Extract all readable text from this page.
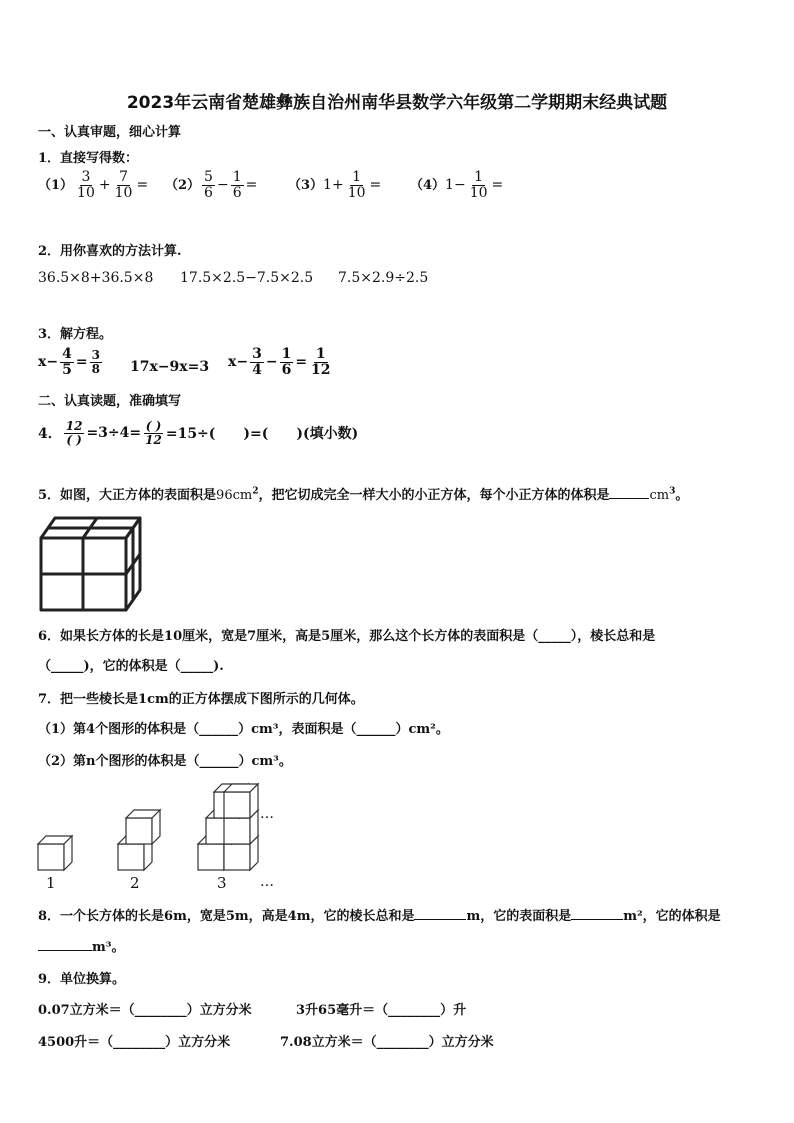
2023年云南省楚雄彝族自治州南华县数学六年级第二学期期末经典试题
一、认真审题，细心计算
1．直接写得数：
$(1) \frac{3}{10} + \frac{7}{10} = (2) \frac{5}{6} - \frac{1}{6} = (3)1+ \frac{1}{10} = (4)1- \frac{1}{10}$ =
2．用你喜欢的方法计算.
36.5×8+36.5×8 17.5×2.5−7.5×2.5 7.5×2.9÷2.5
3．解方程。
$x- \frac{4}{5} = \frac{3}{8} 17x-9x=3$ $x- \frac{3}{4} - \frac{1}{6} = \frac{1}{12}$
二、认真读题，准确填写
4． $\frac{12}{( )} =3\div 4= \frac{( )}{12} =15\div$(　　)=(　　)(填小数)
5．如图，大正方体的表面积是$96cm^2$，把它切成完全一样大小的小正方体，每个小正方体的体积是	$cm^3$。
6．如果长方体的长是10厘米，宽是7厘米，高是5厘米，那么这个长方体的表面积是（_____），棱长总和是
（_____)，它的体积是（_____).
7．把一些棱长是1cm的正方体摆成下图所示的几何体。
（1）第4个图形的体积是（______）cm³，表面积是（______）cm²。
（2）第n个图形的体积是（______）cm³。
…
1	2	3 …
8．一个长方体的长是6m，宽是5m，高是4m，它的棱长总和是	m，它的表面积是	m²，它的体积是
m³。
9．单位换算。
0.07立方米＝（________）立方分米	3升65毫升＝（________）升
4500升＝（________）立方分米	7.08立方米＝（________）立方分米
